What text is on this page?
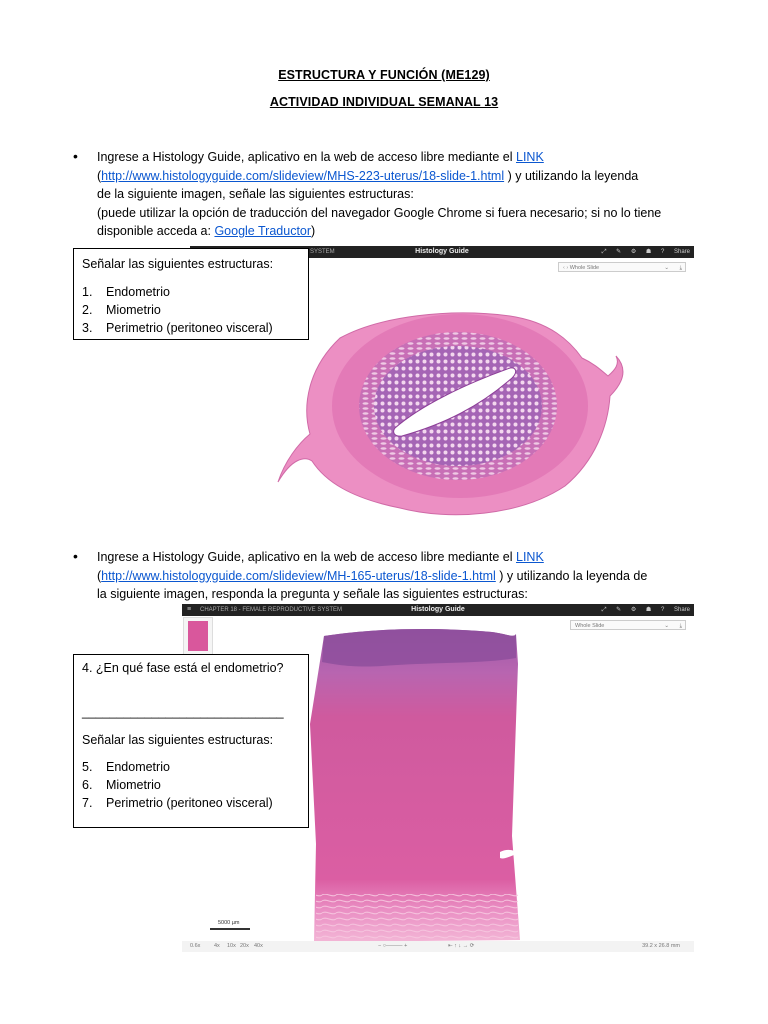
ESTRUCTURA Y FUNCIÓN (ME129)
ACTIVIDAD INDIVIDUAL SEMANAL 13
• Ingrese a Histology Guide, aplicativo en la web de acceso libre mediante el LINK
(http://www.histologyguide.com/slideview/MHS-223-uterus/18-slide-1.html ) y utilizando la leyenda
de la siguiente imagen, señale las siguientes estructuras:
(puede utilizar la opción de traducción del navegador Google Chrome si fuera necesario; si no lo tiene
disponible acceda a: Google Traductor)
SYSTEM	Histology Guide	⤢ ✎ ⚙ ☗ ? Share
‹ › Whole Slide	⌄ ⤓
Señalar las siguientes estructuras:
1.	Endometrio
2.	Miometrio
3.	Perimetrio (peritoneo visceral)
• Ingrese a Histology Guide, aplicativo en la web de acceso libre mediante el LINK
(http://www.histologyguide.com/slideview/MH-165-uterus/18-slide-1.html ) y utilizando la leyenda de
la siguiente imagen, responda la pregunta y señale las siguientes estructuras:
≡ CHAPTER 18 - FEMALE REPRODUCTIVE SYSTEM	Histology Guide	⤢ ✎ ⚙ ☗ ? Share
Whole Slide	⌄ ⤓
5000 µm
0.6x 4x 10x 20x 40x	− ○——— +	⇤ ↑ ↓ → ⟳	39.2 x 26.8 mm
4. ¿En qué fase está el endometrio?
_____________________________
Señalar las siguientes estructuras:
5.	Endometrio
6.	Miometrio
7.	Perimetrio (peritoneo visceral)
